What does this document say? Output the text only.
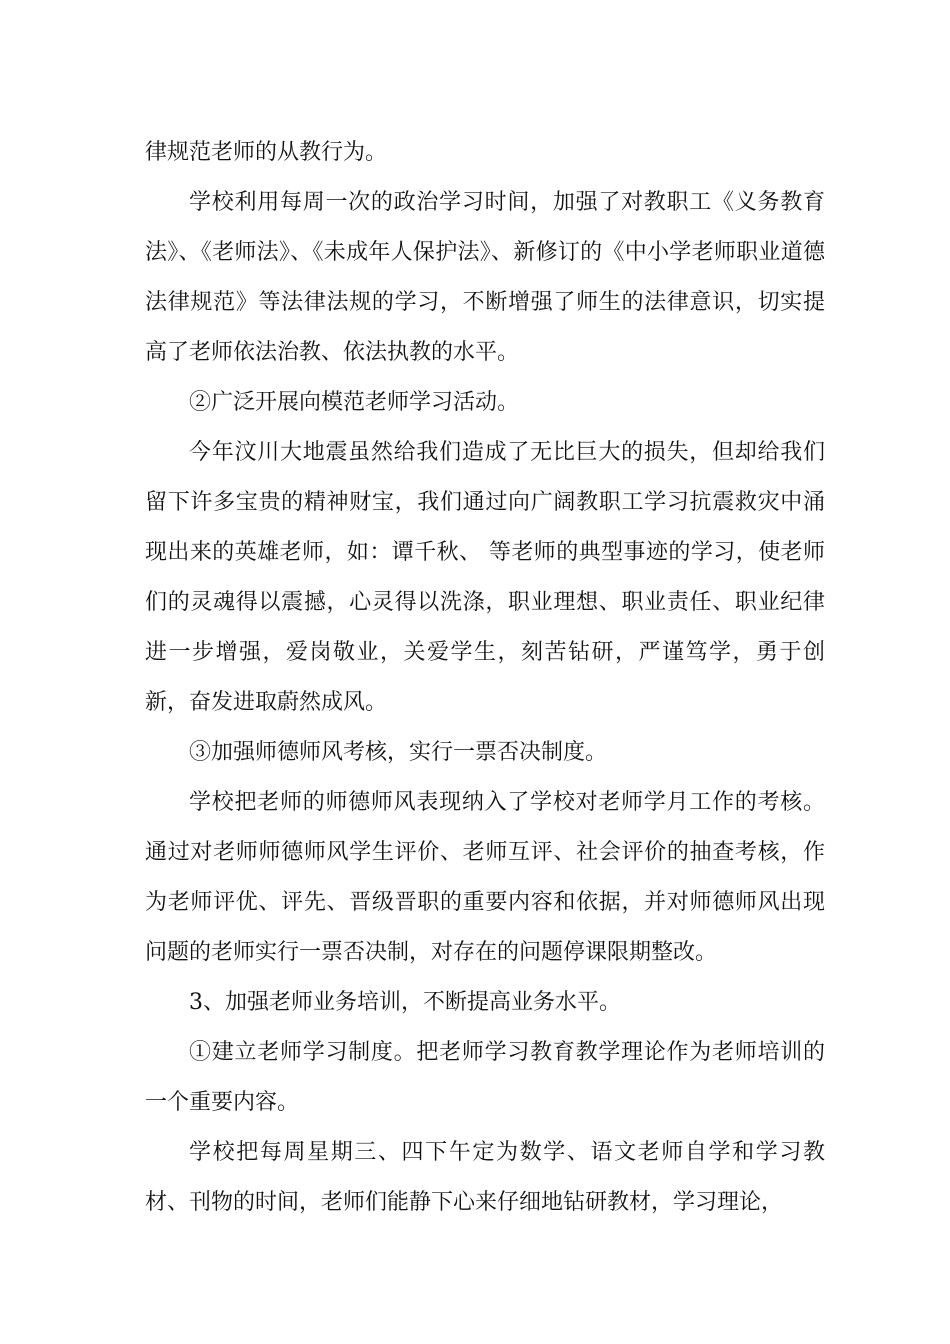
律规范老师的从教行为。

学校利用每周一次的政治学习时间，加强了对教职工《义务教育法》、《老师法》、《未成年人保护法》、新修订的《中小学老师职业道德法律规范》等法律法规的学习，不断增强了师生的法律意识，切实提高了老师依法治教、依法执教的水平。

②广泛开展向模范老师学习活动。

今年汶川大地震虽然给我们造成了无比巨大的损失，但却给我们留下许多宝贵的精神财宝，我们通过向广阔教职工学习抗震救灾中涌现出来的英雄老师，如：谭千秋、 等老师的典型事迹的学习，使老师们的灵魂得以震撼，心灵得以洗涤，职业理想、职业责任、职业纪律进一步增强，爱岗敬业，关爱学生，刻苦钻研，严谨笃学，勇于创新，奋发进取蔚然成风。

③加强师德师风考核，实行一票否决制度。

学校把老师的师德师风表现纳入了学校对老师学月工作的考核。通过对老师师德师风学生评价、老师互评、社会评价的抽查考核，作为老师评优、评先、晋级晋职的重要内容和依据，并对师德师风出现问题的老师实行一票否决制，对存在的问题停课限期整改。

3、加强老师业务培训，不断提高业务水平。

①建立老师学习制度。把老师学习教育教学理论作为老师培训的一个重要内容。

学校把每周星期三、四下午定为数学、语文老师自学和学习教材、刊物的时间，老师们能静下心来仔细地钻研教材，学习理论，
